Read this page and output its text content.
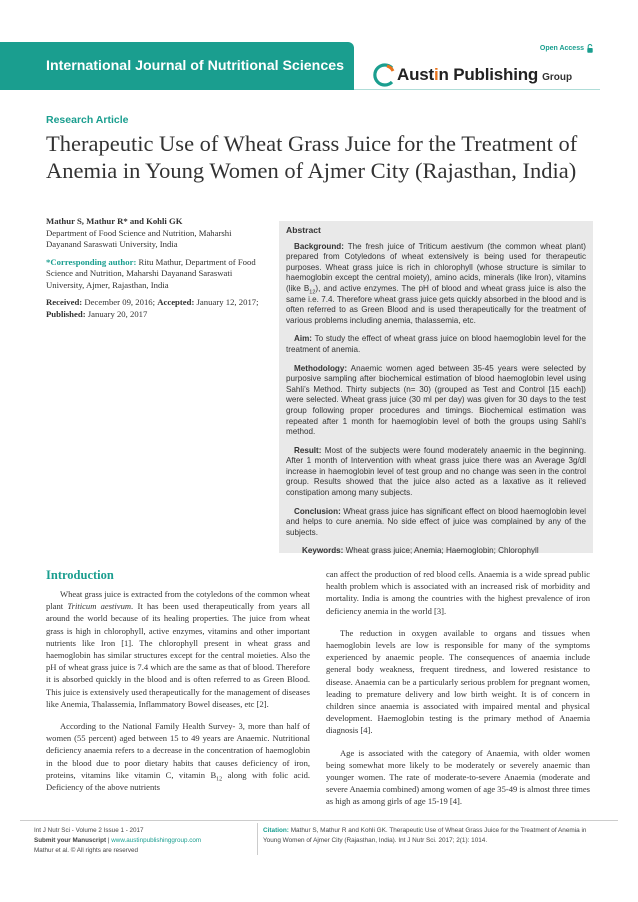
International Journal of Nutritional Sciences
Open Access
Austin Publishing Group
Research Article
Therapeutic Use of Wheat Grass Juice for the Treatment of Anemia in Young Women of Ajmer City (Rajasthan, India)

Mathur S, Mathur R* and Kohli GK
Department of Food Science and Nutrition, Maharshi Dayanand Saraswati University, India

*Corresponding author: Ritu Mathur, Department of Food Science and Nutrition, Maharshi Dayanand Saraswati University, Ajmer, Rajasthan, India

Received: December 09, 2016; Accepted: January 12, 2017; Published: January 20, 2017

Abstract

Background: The fresh juice of Triticum aestivum (the common wheat plant) prepared from Cotyledons of wheat extensively is being used for therapeutic purposes. Wheat grass juice is rich in chlorophyll (whose structure is similar to haemoglobin except the central moiety), amino acids, minerals (like Iron), vitamins (like $B_{12}$), and active enzymes. The pH of blood and wheat grass juice is also the same i.e. 7.4. Therefore wheat grass juice gets quickly absorbed in the blood and is often referred to as Green Blood and is used therapeutically for the treatment of various problems including anemia, thalassemia, etc.

Aim: To study the effect of wheat grass juice on blood haemoglobin level for the treatment of anemia.

Methodology: Anaemic women aged between 35-45 years were selected by purposive sampling after biochemical estimation of blood haemoglobin level using Sahli’s Method. Thirty subjects (n= 30) (grouped as Test and Control [15 each]) were selected. Wheat grass juice (30 ml per day) was given for 30 days to the test group following proper procedures and timings. Biochemical estimation was repeated after 1 month for haemoglobin level of both the groups using Sahli’s method.

Result: Most of the subjects were found moderately anaemic in the beginning. After 1 month of Intervention with wheat grass juice there was an Average 3g/dl increase in haemoglobin level of test group and no change was seen in the control group. Results showed that the juice also acted as a laxative as it relieved constipation among many subjects.

Conclusion: Wheat grass juice has significant effect on blood haemoglobin level and helps to cure anemia. No side effect of juice was complained by any of the subjects.

Keywords: Wheat grass juice; Anemia; Haemoglobin; Chlorophyll

Introduction

Wheat grass juice is extracted from the cotyledons of the common wheat plant Triticum aestivum. It has been used therapeutically from years all around the world because of its healing properties. The juice from wheat grass is high in chlorophyll, active enzymes, vitamins and other important nutrients like Iron [1]. The chlorophyll present in wheat grass and haemoglobin has similar structures except for the central moieties. Also the pH of wheat grass juice is 7.4 which are the same as that of blood. Therefore it is absorbed quickly in the blood and is often referred to as Green Blood. This juice is extensively used therapeutically for the management of diseases like Anemia, Thalassemia, Inflammatory Bowel diseases, etc [2].

According to the National Family Health Survey- 3, more than half of women (55 percent) aged between 15 to 49 years are Anaemic. Nutritional deficiency anaemia refers to a decrease in the concentration of haemoglobin in the blood due to poor dietary habits that causes deficiency of iron, proteins, vitamins like vitamin C, vitamin $B_{12}$ along with folic acid. Deficiency of the above nutrients

can affect the production of red blood cells. Anaemia is a wide spread public health problem which is associated with an increased risk of morbidity and mortality. India is among the countries with the highest prevalence of iron deficiency anemia in the world [3].

The reduction in oxygen available to organs and tissues when haemoglobin levels are low is responsible for many of the symptoms experienced by anaemic people. The consequences of anaemia include general body weakness, frequent tiredness, and lowered resistance to disease. Anaemia can be a particularly serious problem for pregnant women, leading to premature delivery and low birth weight. It is of concern in children since anaemia is associated with impaired mental and physical development. Haemoglobin testing is the primary method of Anaemia diagnosis [4].

Age is associated with the category of Anaemia, with older women being somewhat more likely to be moderately or severely anaemic than younger women. The rate of moderate-to-severe Anaemia (moderate and severe Anaemia combined) among women of age 35-49 is almost three times as high as among girls of age 15-19 [4].

Int J Nutr Sci - Volume 2 Issue 1 - 2017
Submit your Manuscript | www.austinpublishinggroup.com
Mathur et al. © All rights are reserved
Citation: Mathur S, Mathur R and Kohli GK. Therapeutic Use of Wheat Grass Juice for the Treatment of Anemia in Young Women of Ajmer City (Rajasthan, India). Int J Nutr Sci. 2017; 2(1): 1014.
